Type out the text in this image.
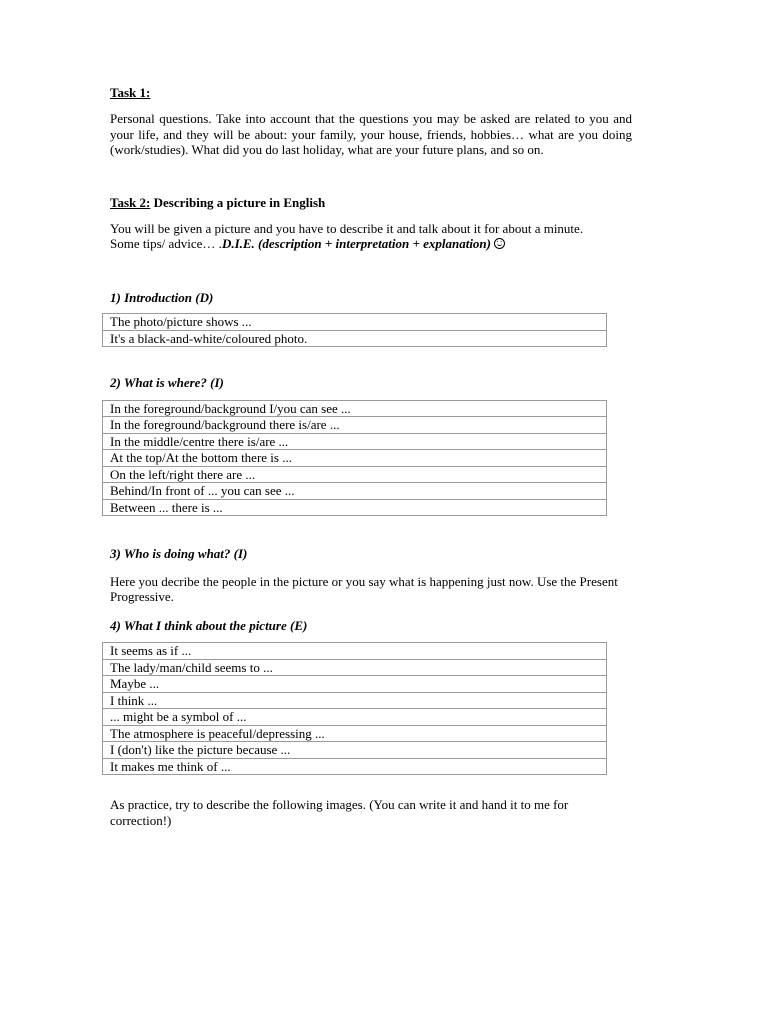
Task 1:

Personal questions. Take into account that the questions you may be asked are related to you and your life, and they will be about: your family, your house, friends, hobbies… what are you doing (work/studies). What did you do last holiday, what are your future plans, and so on.

Task 2: Describing a picture in English

You will be given a picture and you have to describe it and talk about it for about a minute.
Some tips/ advice… .D.I.E. (description + interpretation + explanation)

1) Introduction (D)

The photo/picture shows ...
It's a black-and-white/coloured photo.

2) What is where? (I)

In the foreground/background I/you can see ...
In the foreground/background there is/are ...
In the middle/centre there is/are ...
At the top/At the bottom there is ...
On the left/right there are ...
Behind/In front of ... you can see ...
Between ... there is ...

3) Who is doing what? (I)

Here you decribe the people in the picture or you say what is happening just now. Use the Present Progressive.

4) What I think about the picture (E)

It seems as if ...
The lady/man/child seems to ...
Maybe ...
I think ...
... might be a symbol of ...
The atmosphere is peaceful/depressing ...
I (don't) like the picture because ...
It makes me think of ...

As practice, try to describe the following images. (You can write it and hand it to me for correction!)
